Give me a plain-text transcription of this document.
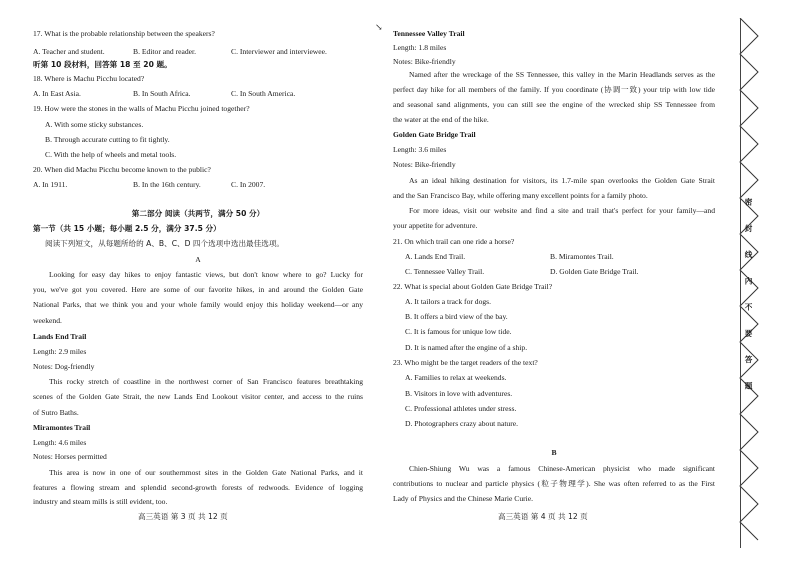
17. What is the probable relationship between the speakers?
A. Teacher and student.	B. Editor and reader.	C. Interviewer and interviewee.
听第 10 段材料，回答第 18 至 20 题。
18. Where is Machu Picchu located?
A. In East Asia.	B. In South Africa.	C. In South America.
19. How were the stones in the walls of Machu Picchu joined together?
A. With some sticky substances.
B. Through accurate cutting to fit tightly.
C. With the help of wheels and metal tools.
20. When did Machu Picchu become known to the public?
A. In 1911.	B. In the 16th century.	C. In 2007.
第二部分 阅读（共两节，满分 50 分）
第一节（共 15 小题；每小题 2.5 分，满分 37.5 分）
阅读下列短文，从每题所给的 A、B、C、D 四个选项中选出最佳选项。
A
Looking for easy day hikes to enjoy fantastic views, but don't know where to go? Lucky for
you, we've got you covered. Here are some of our favorite hikes, in and around the Golden Gate
National Parks, that we think you and your whole family would enjoy this holiday weekend—or any
weekend.
Lands End Trail
Length: 2.9 miles
Notes: Dog-friendly
This rocky stretch of coastline in the northwest corner of San Francisco features breathtaking
scenes of the Golden Gate Strait, the new Lands End Lookout visitor center, and access to the ruins
of Sutro Baths.
Miramontes Trail
Length: 4.6 miles
Notes: Horses permitted
This area is now in one of our southernmost sites in the Golden Gate National Parks, and it
features a flowing stream and splendid second-growth forests of redwoods. Evidence of logging
industry and steam mills is still evident, too.
高三英语 第 3 页 共 12 页
↘
Tennessee Valley Trail
Length: 1.8 miles
Notes: Bike-friendly
Named after the wreckage of the SS Tennessee, this valley in the Marin Headlands serves as the
perfect day hike for all members of the family. If you coordinate (协调一致) your trip with low tide
and seasonal sand alignments, you can still see the engine of the wrecked ship SS Tennessee from
the water at the end of the hike.
Golden Gate Bridge Trail
Length: 3.6 miles
Notes: Bike-friendly
As an ideal hiking destination for visitors, its 1.7-mile span overlooks the Golden Gate Strait
and the San Francisco Bay, while offering many excellent points for a family photo.
For more ideas, visit our website and find a site and trail that's perfect for your family—and
your appetite for adventure.
21. On which trail can one ride a horse?
A. Lands End Trail.	B. Miramontes Trail.
C. Tennessee Valley Trail.	D. Golden Gate Bridge Trail.
22. What is special about Golden Gate Bridge Trail?
A. It tailors a track for dogs.
B. It offers a bird view of the bay.
C. It is famous for unique low tide.
D. It is named after the engine of a ship.
23. Who might be the target readers of the text?
A. Families to relax at weekends.
B. Visitors in love with adventures.
C. Professional athletes under stress.
D. Photographers crazy about nature.
B
Chien-Shiung Wu was a famous Chinese-American physicist who made significant
contributions to nuclear and particle physics (粒子物理学). She was often referred to as the First
Lady of Physics and the Chinese Marie Curie.
高三英语 第 4 页 共 12 页
密 封 线 内 不 要 答 题
